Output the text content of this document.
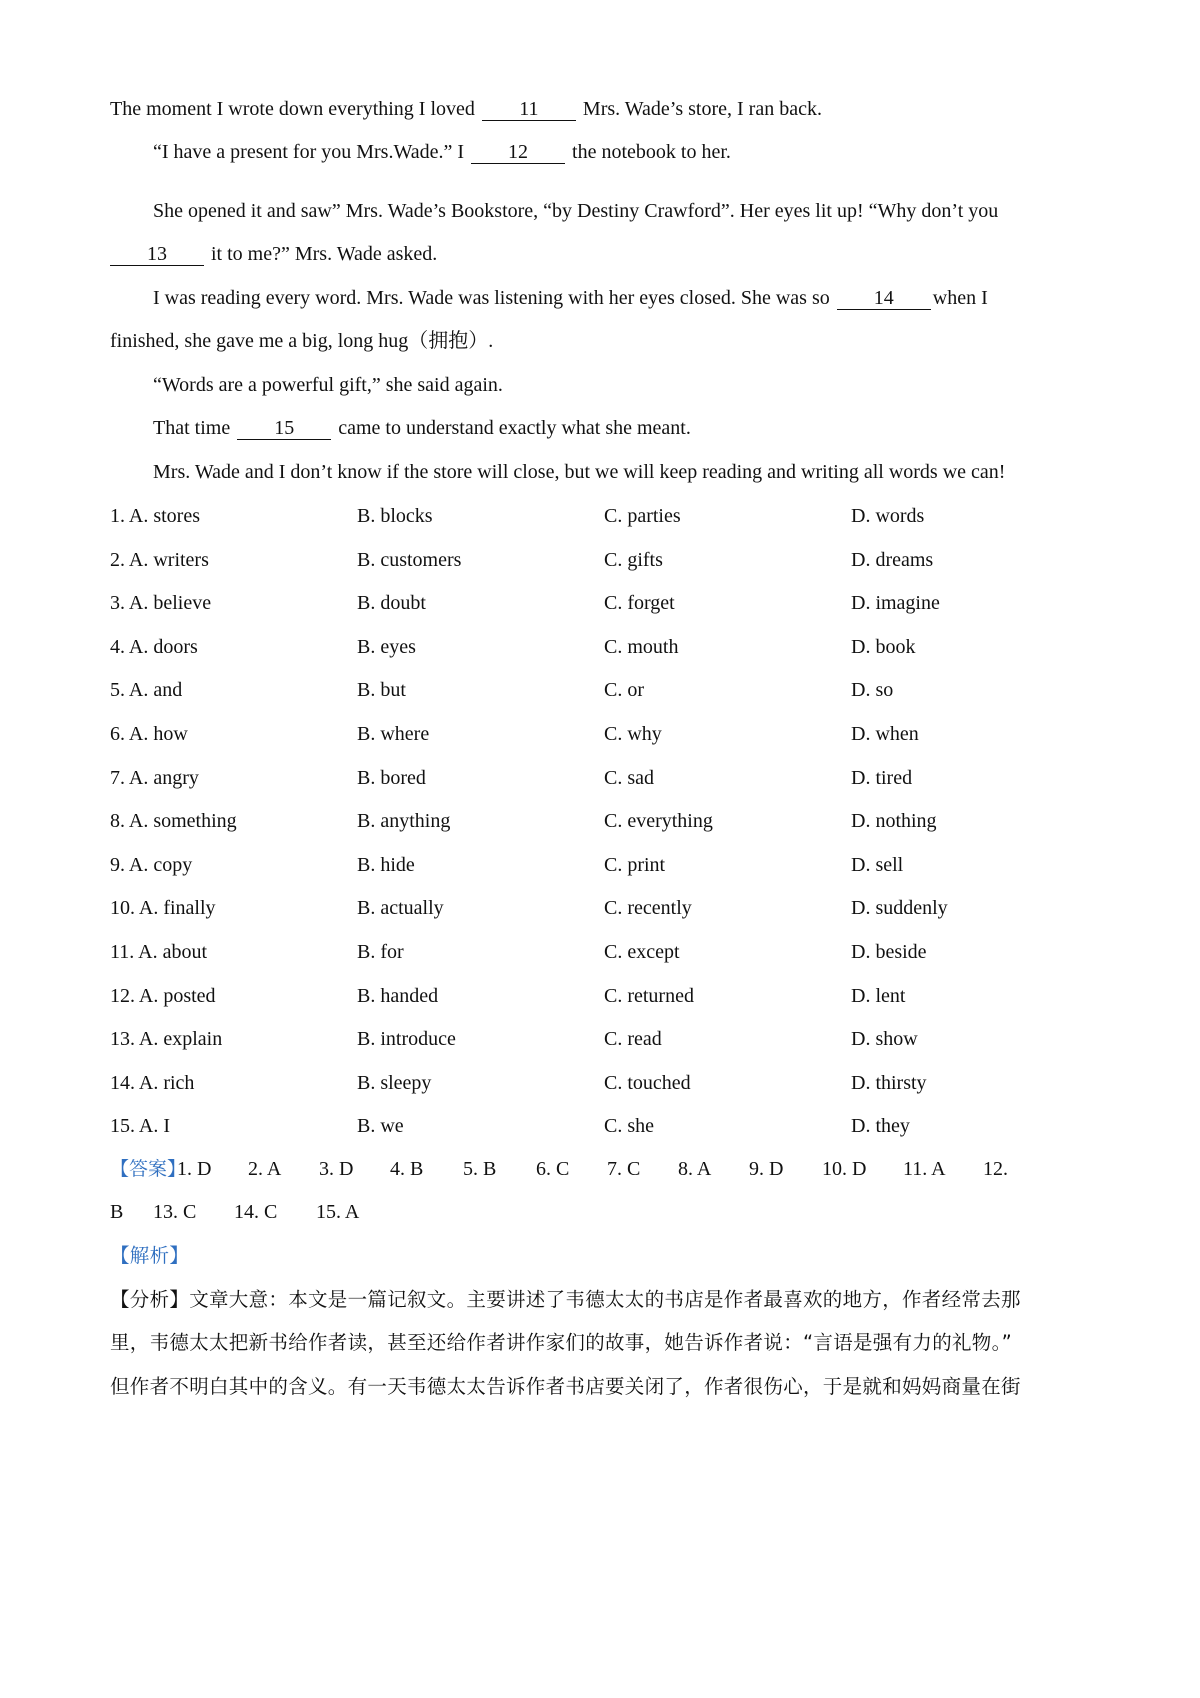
The moment I wrote down everything I loved 11 Mrs. Wade’s store, I ran back.
“I have a present for you Mrs.Wade.” I 12 the notebook to her.
She opened it and saw” Mrs. Wade’s Bookstore, “by Destiny Crawford”. Her eyes lit up! “Why don’t you
13 it to me?” Mrs. Wade asked.
I was reading every word. Mrs. Wade was listening with her eyes closed. She was so 14 when I
finished, she gave me a big, long hug（拥抱）.
“Words are a powerful gift,” she said again.
That time 15 came to understand exactly what she meant.
Mrs. Wade and I don’t know if the store will close, but we will keep reading and writing all words we can!
1. A. stores	B. blocks	C. parties	D. words
2. A. writers	B. customers	C. gifts	D. dreams
3. A. believe	B. doubt	C. forget	D. imagine
4. A. doors	B. eyes	C. mouth	D. book
5. A. and	B. but	C. or	D. so
6. A. how	B. where	C. why	D. when
7. A. angry	B. bored	C. sad	D. tired
8. A. something	B. anything	C. everything	D. nothing
9. A. copy	B. hide	C. print	D. sell
10. A. finally	B. actually	C. recently	D. suddenly
11. A. about	B. for	C. except	D. beside
12. A. posted	B. handed	C. returned	D. lent
13. A. explain	B. introduce	C. read	D. show
14. A. rich	B. sleepy	C. touched	D. thirsty
15. A. I	B. we	C. she	D. they
【答案】
1. D 2. A 3. D 4. B 5. B 6. C 7. C 8. A 9. D 10. D 11. A 12.
B 13. C 14. C 15. A
【解析】
【分析】文章大意：本文是一篇记叙文。主要讲述了韦德太太的书店是作者最喜欢的地方，作者经常去那
里，韦德太太把新书给作者读，甚至还给作者讲作家们的故事，她告诉作者说：“言语是强有力的礼物。”
但作者不明白其中的含义。有一天韦德太太告诉作者书店要关闭了，作者很伤心，于是就和妈妈商量在街
